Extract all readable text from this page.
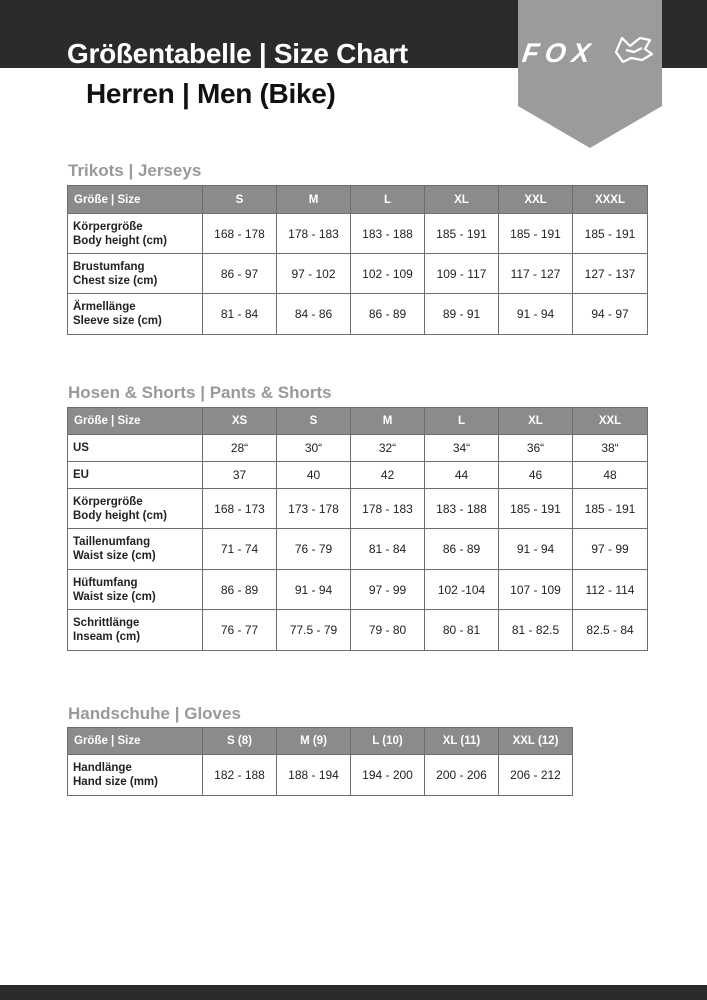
Größentabelle | Size Chart
Herren | Men (Bike)
FOX
Trikots | Jerseys
Größe | Size	S	M	L	XL	XXL	XXXL

Körpergröße
Body height (cm)	168 - 178	178 - 183	183 - 188	185 - 191	185 - 191	185 - 191

Brustumfang
Chest size (cm)	86 - 97	97 - 102	102 - 109	109 - 117	117 - 127	127 - 137

Ärmellänge
Sleeve size (cm)	81 - 84	84 - 86	86 - 89	89 - 91	91 - 94	94 - 97
Hosen & Shorts | Pants & Shorts
Größe | Size	XS	S	M	L	XL	XXL

US	28“	30“	32“	34“	36“	38“

EU	37	40	42	44	46	48

Körpergröße
Body height (cm)	168 - 173	173 - 178	178 - 183	183 - 188	185 - 191	185 - 191

Taillenumfang
Waist size (cm)	71 - 74	76 - 79	81 - 84	86 - 89	91 - 94	97 - 99

Hüftumfang
Waist size (cm)	86 - 89	91 - 94	97 - 99	102 -104	107 - 109	112 - 114

Schrittlänge
Inseam (cm)	76 - 77	77.5 - 79	79 - 80	80 - 81	81 - 82.5	82.5 - 84
Handschuhe | Gloves
Größe | Size	S (8)	M (9)	L (10)	XL (11)	XXL (12)

Handlänge
Hand size (mm)	182 - 188	188 - 194	194 - 200	200 - 206	206 - 212
